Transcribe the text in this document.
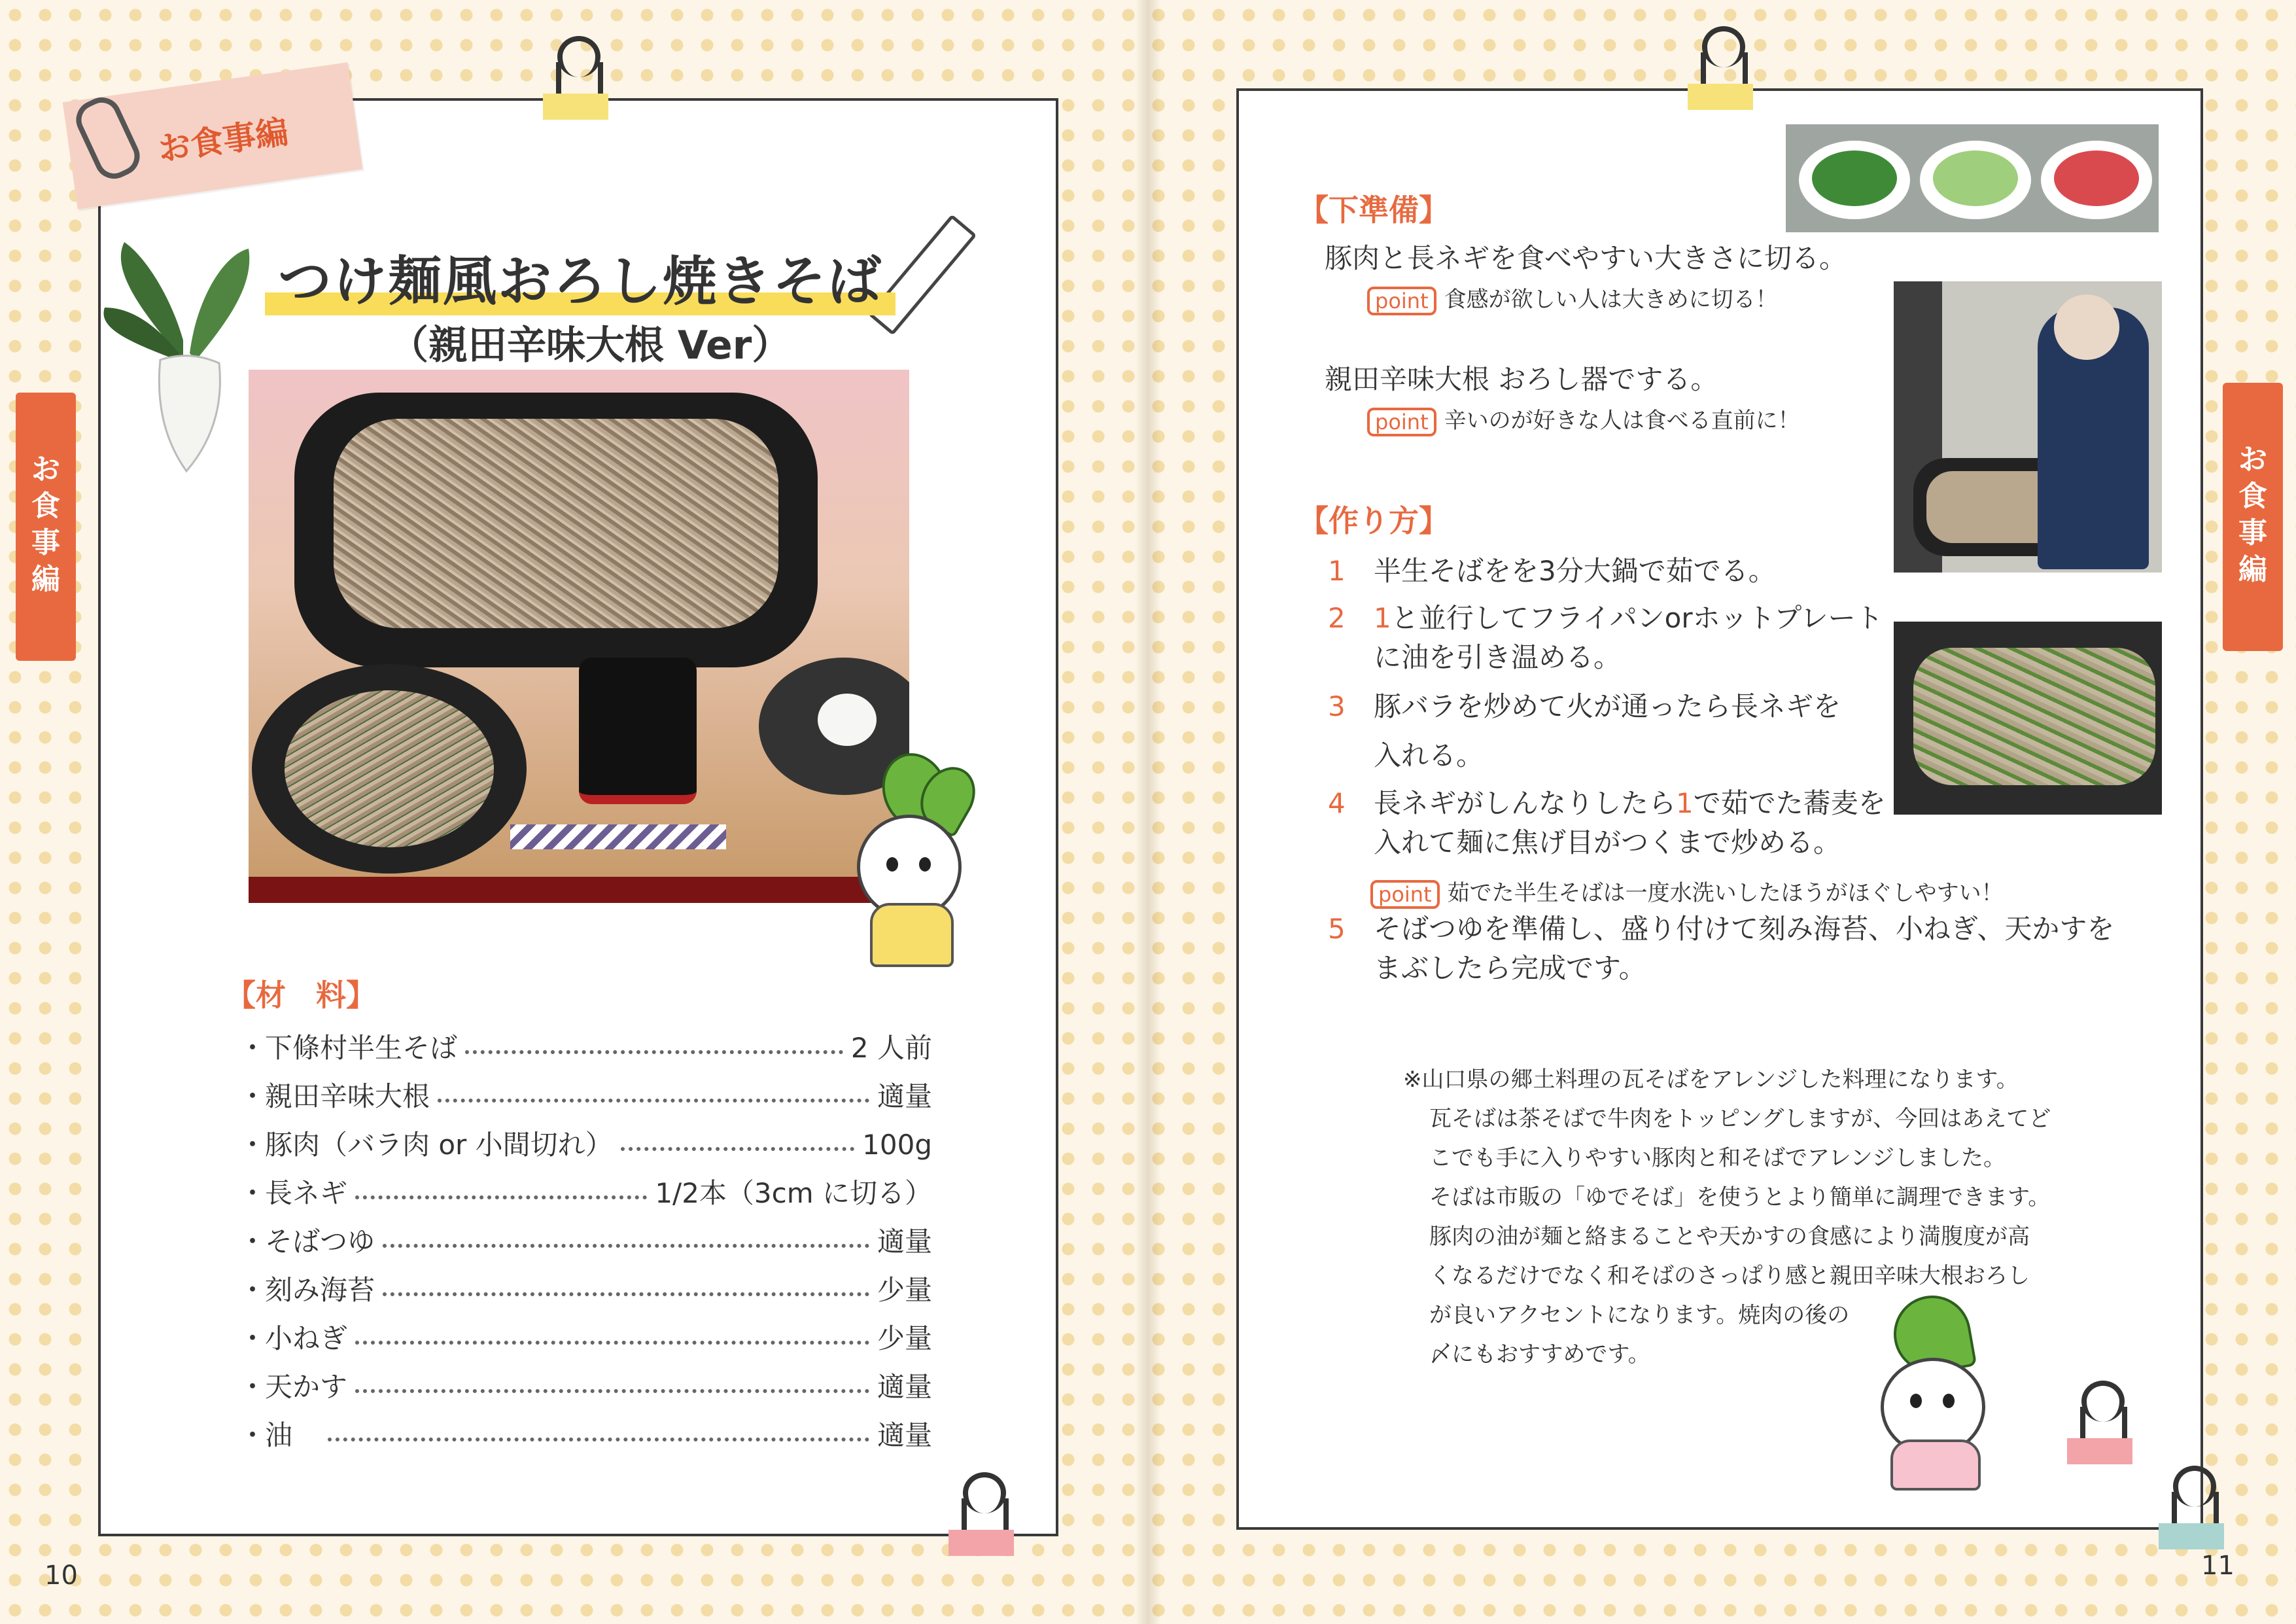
お食事編
お食事編
つけ麺風おろし焼きそば
（親田辛味大根 Ver）
【材　料】
・
下條村半生そば	2 人前
・
親田辛味大根	適量
・
豚肉（バラ肉 or 小間切れ）	100g
・
長ネギ	1/2本（3cm に切る）
・
そばつゆ	適量
・
刻み海苔	少量
・
小ねぎ	少量
・
天かす	適量
・
油　	適量
10
お食事編
【下準備】
豚肉と長ネギを食べやすい大きさに切る。
point 食感が欲しい人は大きめに切る！
親田辛味大根 おろし器でする。
point 辛いのが好きな人は食べる直前に！
【作り方】
1 半生そばをを3分大鍋で茹でる。
2 1と並行してフライパンorホットプレート
に油を引き温める。
3 豚バラを炒めて火が通ったら長ネギを
入れる。
4 長ネギがしんなりしたら1で茹でた蕎麦を
入れて麺に焦げ目がつくまで炒める。
point 茹でた半生そばは一度水洗いしたほうがほぐしやすい！
5 そばつゆを準備し、盛り付けて刻み海苔、小ねぎ、天かすを
まぶしたら完成です。

※山口県の郷土料理の瓦そばをアレンジした料理になります。

瓦そばは茶そばで牛肉をトッピングしますが、今回はあえてど

こでも手に入りやすい豚肉と和そばでアレンジしました。

そばは市販の「ゆでそば」を使うとより簡単に調理できます。

豚肉の油が麺と絡まることや天かすの食感により満腹度が高

くなるだけでなく和そばのさっぱり感と親田辛味大根おろし

が良いアクセントになります。焼肉の後の

〆にもおすすめです。

11
